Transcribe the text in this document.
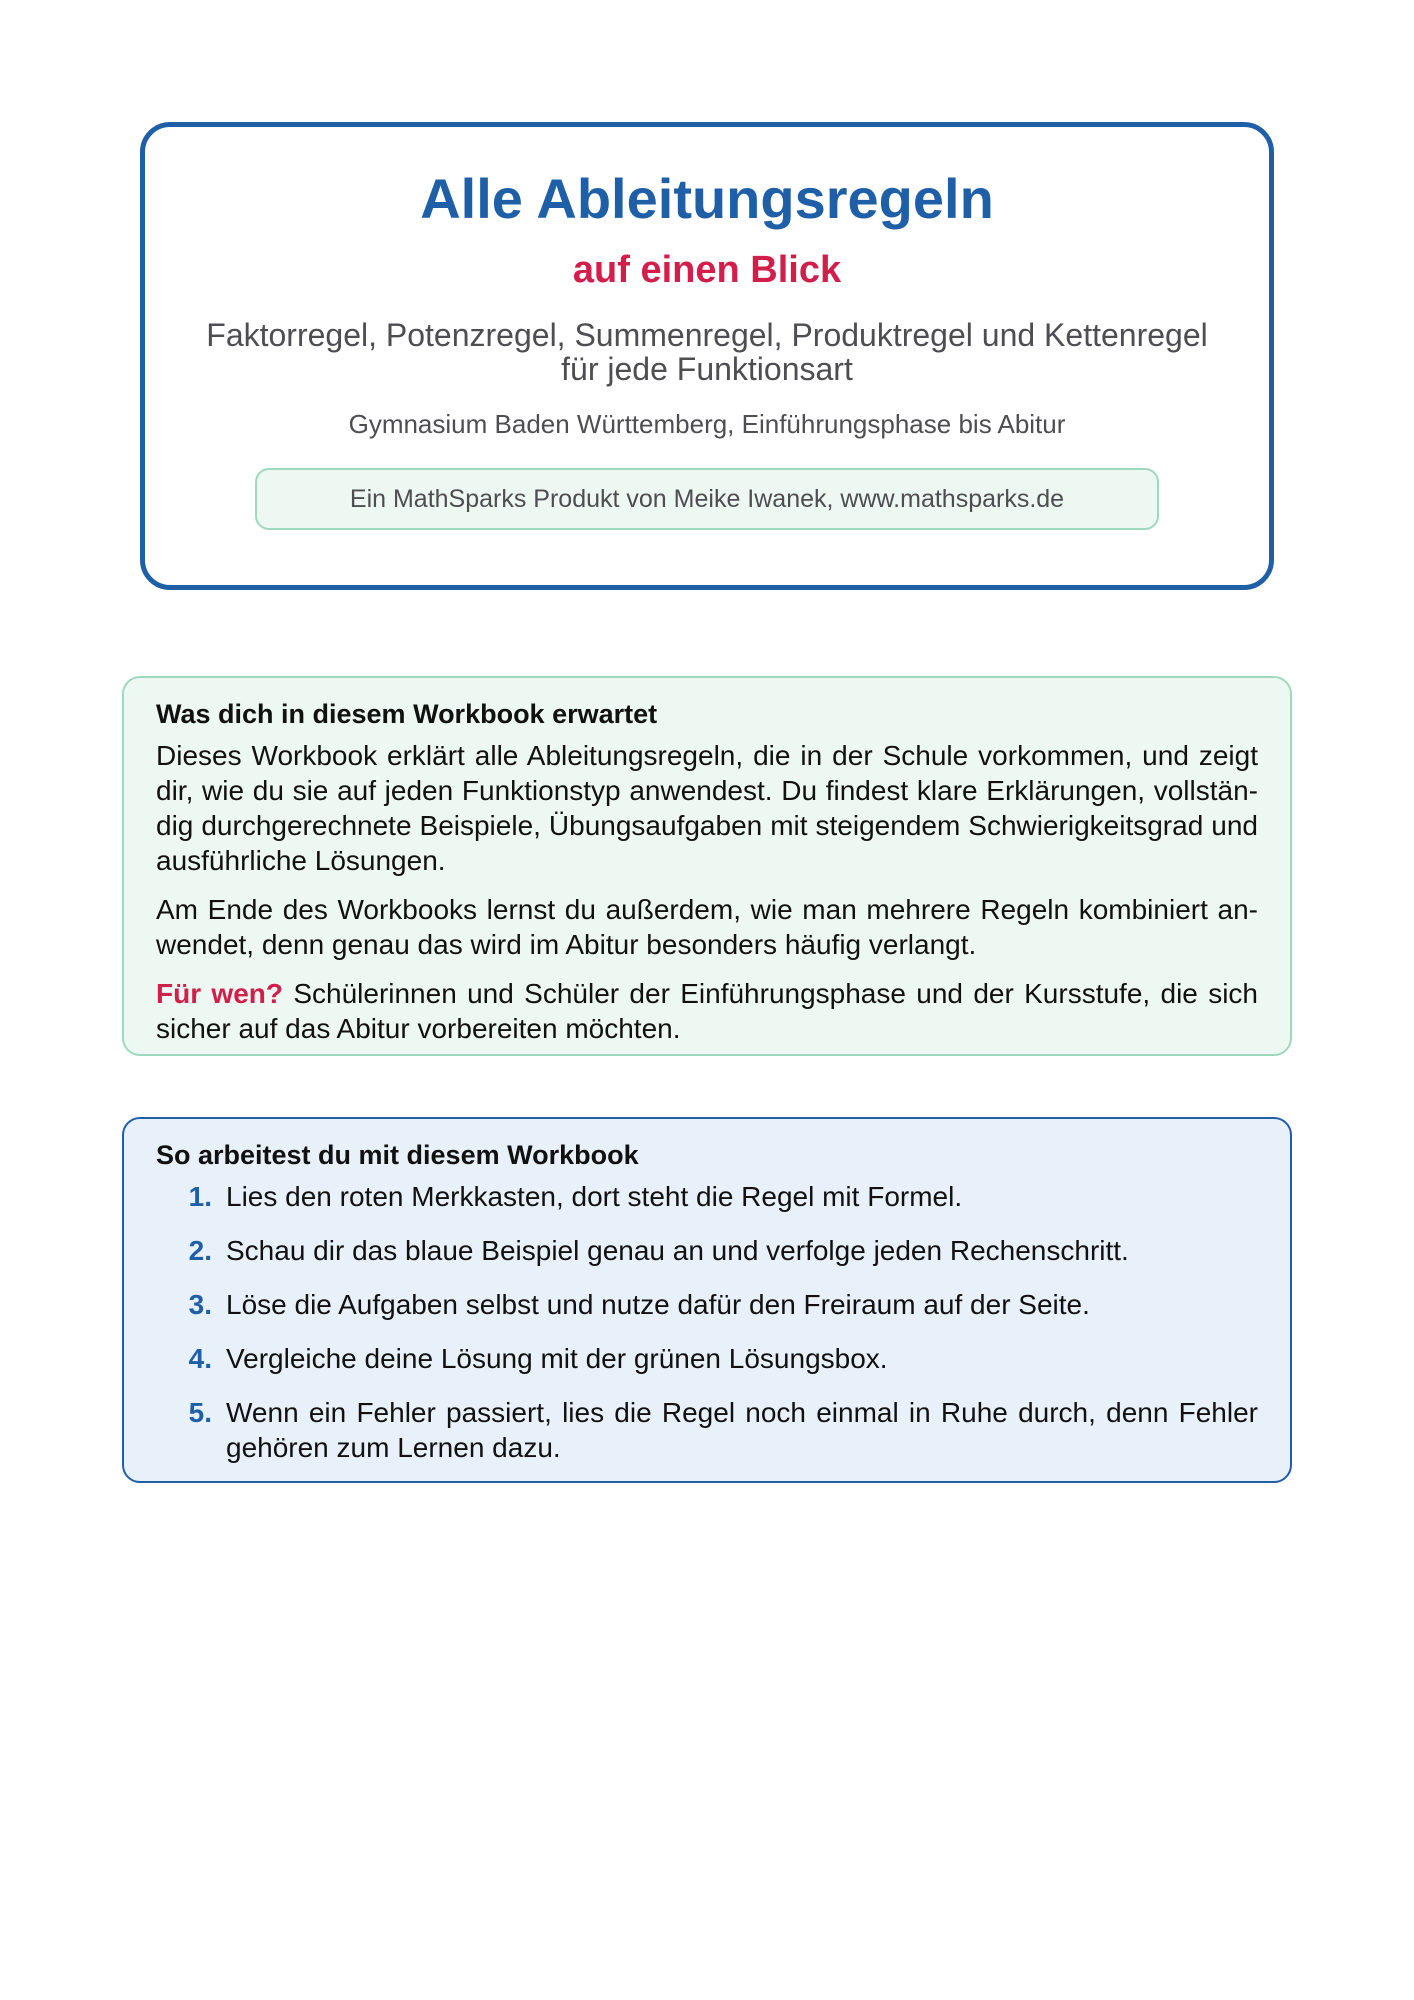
Alle Ableitungsregeln
auf einen Blick
Faktorregel, Potenzregel, Summenregel, Produktregel und Kettenregel
für jede Funktionsart
Gymnasium Baden Württemberg, Einführungsphase bis Abitur
Ein MathSparks Produkt von Meike Iwanek, www.mathsparks.de
Was dich in diesem Workbook erwartet

Dieses Workbook erklärt alle Ableitungsregeln, die in der Schule vorkommen, und zeigt dir, wie du sie auf jeden Funktionstyp anwendest. Du findest klare Erklärungen, vollständig durchgerechnete Beispiele, Übungsaufgaben mit steigendem Schwierigkeitsgrad und ausführliche Lösungen.

Am Ende des Workbooks lernst du außerdem, wie man mehrere Regeln kombiniert anwendet, denn genau das wird im Abitur besonders häufig verlangt.

Für wen? Schülerinnen und Schüler der Einführungsphase und der Kursstufe, die sich sicher auf das Abitur vorbereiten möchten.

So arbeitest du mit diesem Workbook
1. Lies den roten Merkkasten, dort steht die Regel mit Formel.
2. Schau dir das blaue Beispiel genau an und verfolge jeden Rechenschritt.
3. Löse die Aufgaben selbst und nutze dafür den Freiraum auf der Seite.
4. Vergleiche deine Lösung mit der grünen Lösungsbox.
5. Wenn ein Fehler passiert, lies die Regel noch einmal in Ruhe durch, denn Fehler gehören zum Lernen dazu.
